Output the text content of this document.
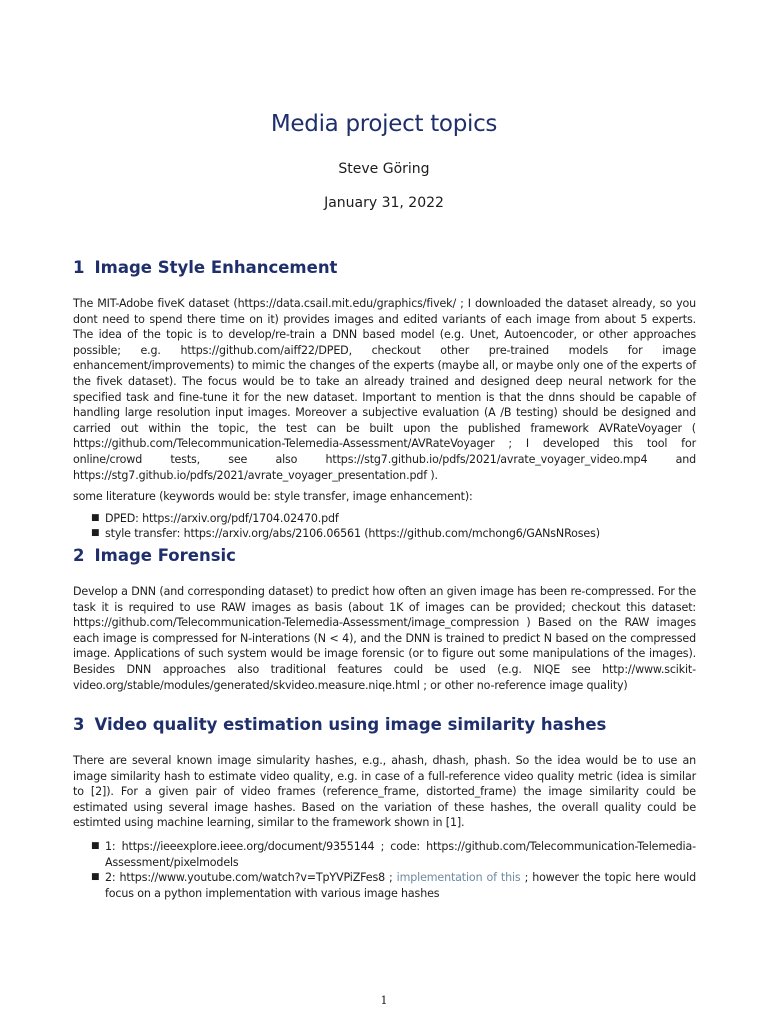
Media project topics
Steve Göring
January 31, 2022
1 Image Style Enhancement

The MIT-Adobe fiveK dataset (https://data.csail.mit.edu/graphics/fivek/ ; I downloaded the dataset already, so you dont need to spend there time on it) provides images and edited variants of each image from about 5 experts. The idea of the topic is to develop/re-train a DNN based model (e.g. Unet, Autoencoder, or other approaches possible; e.g. https://github.com/aiff22/DPED, checkout other pre-trained models for image enhancement/improvements) to mimic the changes of the experts (maybe all, or maybe only one of the experts of the fivek dataset). The focus would be to take an already trained and designed deep neural network for the specified task and fine-tune it for the new dataset. Important to mention is that the dnns should be capable of handling large resolution input images. Moreover a subjective evaluation (A /B testing) should be designed and carried out within the topic, the test can be built upon the published framework AVRateVoyager ( https://github.com/Telecommunication-Telemedia-Assessment/AVRateVoyager ; I developed this tool for online/crowd tests, see also https://stg7.github.io/pdfs/2021/avrate_voyager_video.mp4 and https://stg7.github.io/pdfs/2021/avrate_voyager_presentation.pdf ).

some literature (keywords would be: style transfer, image enhancement):

■ DPED: https://arxiv.org/pdf/1704.02470.pdf
■ style transfer: https://arxiv.org/abs/2106.06561 (https://github.com/mchong6/GANsNRoses)
2 Image Forensic

Develop a DNN (and corresponding dataset) to predict how often an given image has been re-compressed. For the task it is required to use RAW images as basis (about 1K of images can be provided; checkout this dataset: https://github.com/Telecommunication-Telemedia-Assessment/image_compression ) Based on the RAW images each image is compressed for N-interations (N < 4), and the DNN is trained to predict N based on the compressed image. Applications of such system would be image forensic (or to figure out some manipulations of the images). Besides DNN approaches also traditional features could be used (e.g. NIQE see http://www.scikit-video.org/stable/modules/generated/skvideo.measure.niqe.html ; or other no-reference image quality)

3 Video quality estimation using image similarity hashes

There are several known image simularity hashes, e.g., ahash, dhash, phash. So the idea would be to use an image similarity hash to estimate video quality, e.g. in case of a full-reference video quality metric (idea is similar to [2]). For a given pair of video frames (reference_frame, distorted_frame) the image similarity could be estimated using several image hashes. Based on the variation of these hashes, the overall quality could be estimted using machine learning, similar to the framework shown in [1].

■ 1: https://ieeexplore.ieee.org/document/9355144 ; code: https://github.com/Telecommunication-Telemedia-Assessment/pixelmodels
■ 2: https://www.youtube.com/watch?v=TpYVPiZFes8 ; implementation of this ; however the topic here would focus on a python implementation with various image hashes
1
